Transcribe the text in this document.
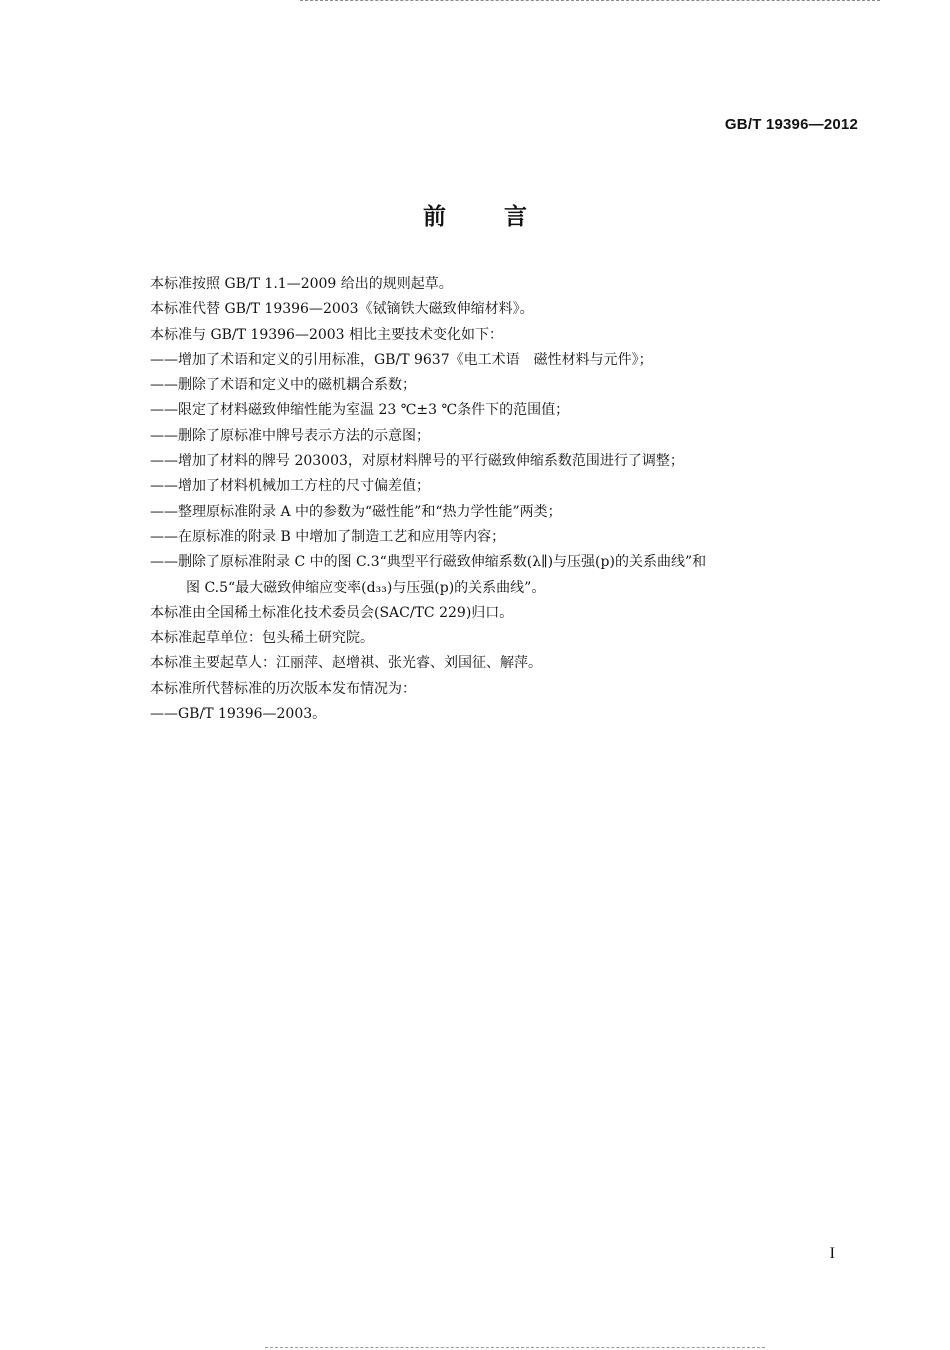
GB/T 19396—2012
前言
本标准按照 GB/T 1.1—2009 给出的规则起草。
本标准代替 GB/T 19396—2003《铽镝铁大磁致伸缩材料》。
本标准与 GB/T 19396—2003 相比主要技术变化如下：
——增加了术语和定义的引用标准，GB/T 9637《电工术语　磁性材料与元件》；
——删除了术语和定义中的磁机耦合系数；
——限定了材料磁致伸缩性能为室温 23 ℃±3 ℃条件下的范围值；
——删除了原标准中牌号表示方法的示意图；
——增加了材料的牌号 203003，对原材料牌号的平行磁致伸缩系数范围进行了调整；
——增加了材料机械加工方柱的尺寸偏差值；
——整理原标准附录 A 中的参数为“磁性能”和“热力学性能”两类；
——在原标准的附录 B 中增加了制造工艺和应用等内容；
——删除了原标准附录 C 中的图 C.3“典型平行磁致伸缩系数(λ∥)与压强(p)的关系曲线”和
图 C.5“最大磁致伸缩应变率(d₃₃)与压强(p)的关系曲线”。
本标准由全国稀土标准化技术委员会(SAC/TC 229)归口。
本标准起草单位：包头稀土研究院。
本标准主要起草人：江丽萍、赵增祺、张光睿、刘国征、解萍。
本标准所代替标准的历次版本发布情况为：
——GB/T 19396—2003。
I
